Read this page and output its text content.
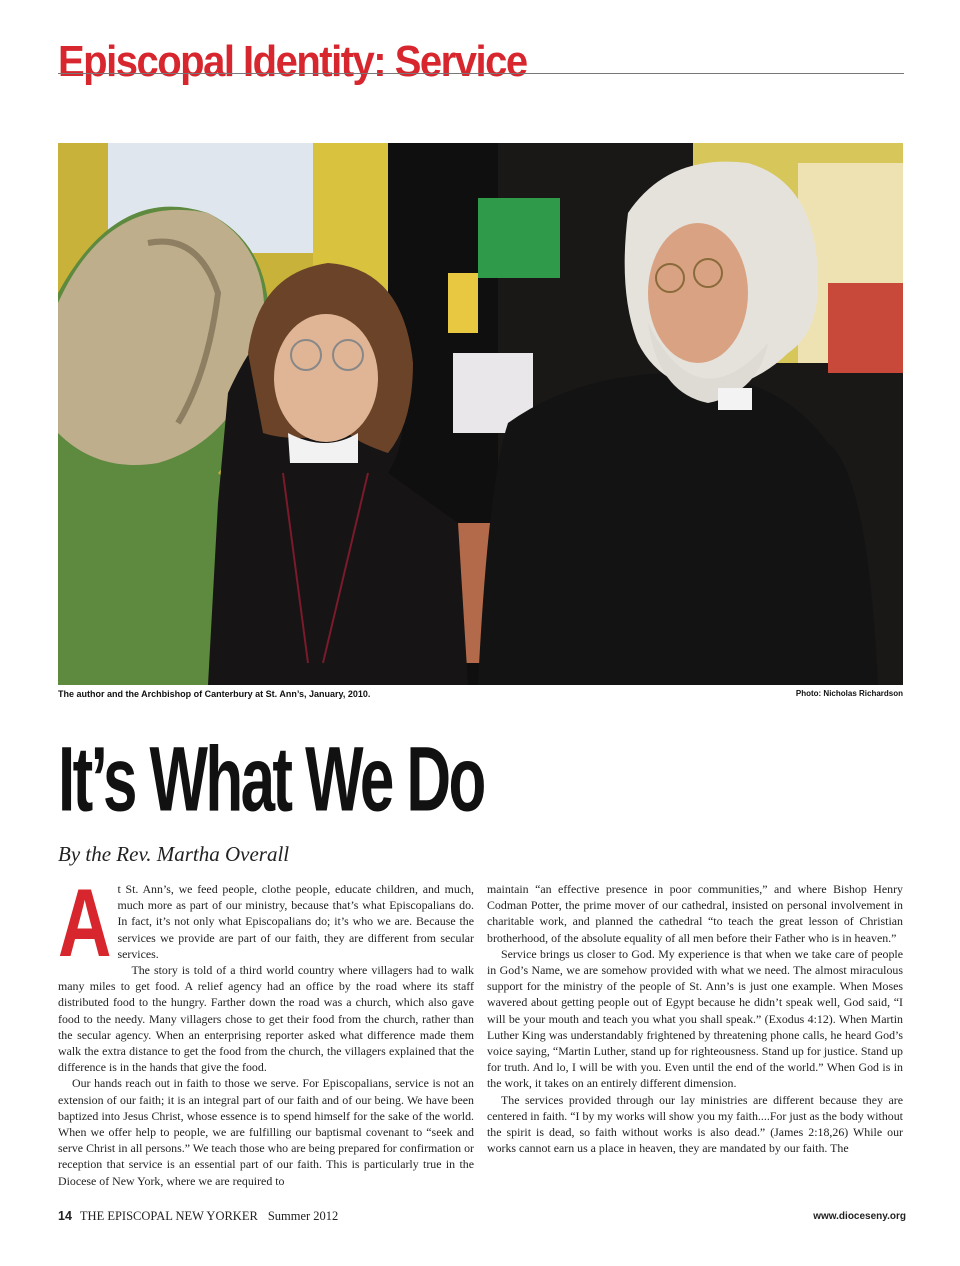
Episcopal Identity: Service
The author and the Archbishop of Canterbury at St. Ann’s, January, 2010.	Photo: Nicholas Richardson
It’s What We Do
By the Rev. Martha Overall

At St. Ann’s, we feed people, clothe people, educate children, and much, much more as part of our ministry, because that’s what Episcopalians do. In fact, it’s not only what Episcopalians do; it’s who we are. Because the services we provide are part of our faith, they are different from secular services.

The story is told of a third world country where villagers had to walk many miles to get food. A relief agency had an office by the road where its staff distributed food to the hungry. Farther down the road was a church, which also gave food to the needy. Many villagers chose to get their food from the church, rather than the secular agency. When an enterprising reporter asked what difference made them walk the extra distance to get the food from the church, the villagers explained that the difference is in the hands that give the food.

Our hands reach out in faith to those we serve. For Episcopalians, service is not an extension of our faith; it is an integral part of our faith and of our being. We have been baptized into Jesus Christ, whose essence is to spend himself for the sake of the world. When we offer help to people, we are fulfilling our baptismal covenant to “seek and serve Christ in all persons.” We teach those who are being prepared for confirmation or reception that service is an essential part of our faith. This is particularly true in the Diocese of New York, where we are required to

maintain “an effective presence in poor communities,” and where Bishop Henry Codman Potter, the prime mover of our cathedral, insisted on personal involvement in charitable work, and planned the cathedral “to teach the great lesson of Christian brotherhood, of the absolute equality of all men before their Father who is in heaven.”

Service brings us closer to God. My experience is that when we take care of people in God’s Name, we are somehow provided with what we need. The almost miraculous support for the ministry of the people of St. Ann’s is just one example. When Moses wavered about getting people out of Egypt because he didn’t speak well, God said, “I will be your mouth and teach you what you shall speak.” (Exodus 4:12). When Martin Luther King was understandably frightened by threatening phone calls, he heard God’s voice saying, “Martin Luther, stand up for righteousness. Stand up for justice. Stand up for truth. And lo, I will be with you. Even until the end of the world.” When God is in the work, it takes on an entirely different dimension.

The services provided through our lay ministries are different because they are centered in faith. “I by my works will show you my faith....For just as the body without the spirit is dead, so faith without works is also dead.” (James 2:18,26) While our works cannot earn us a place in heaven, they are mandated by our faith. The

14 THE EPISCOPAL NEW YORKER Summer 2012	www.dioceseny.org
